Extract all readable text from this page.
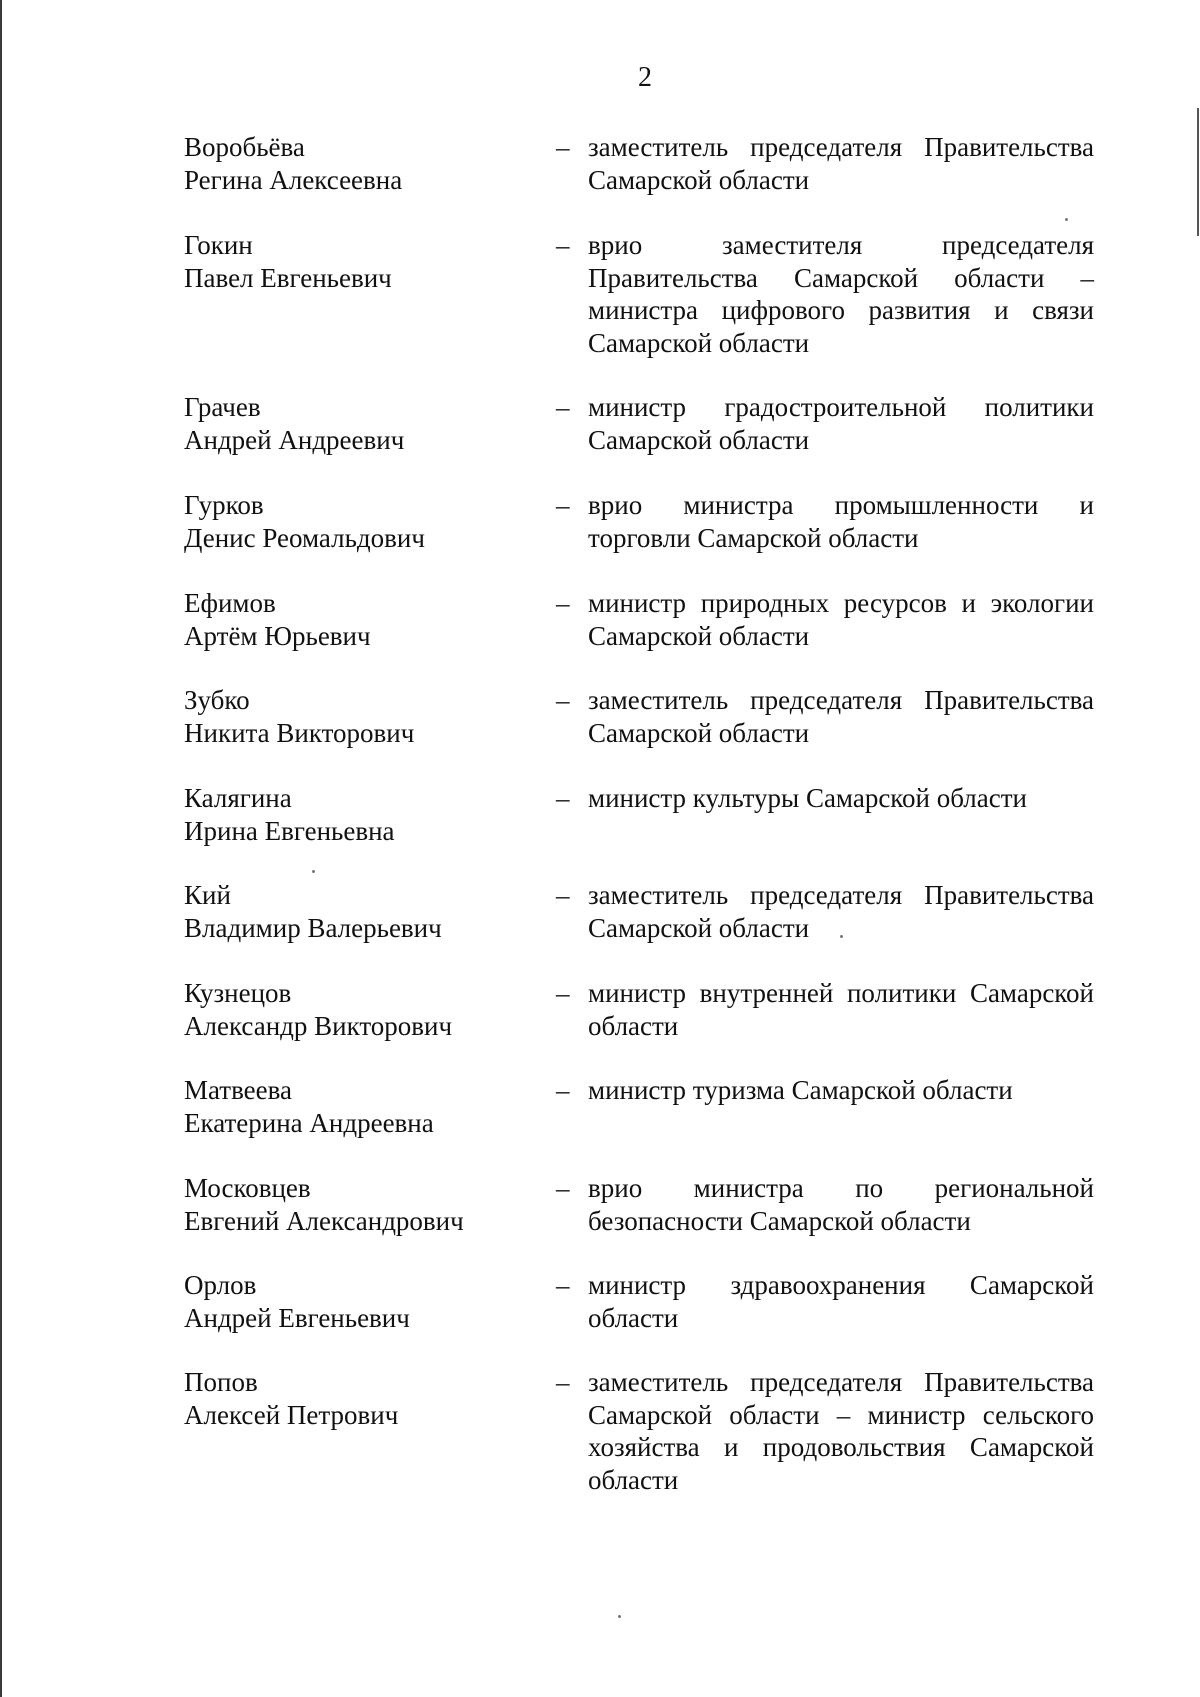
2
Воробьёва
Регина Алексеевна
– заместитель председателя Правительства Самарской области
Гокин
Павел Евгеньевич
– врио заместителя председателя Правительства Самарской области – министра цифрового развития и связи Самарской области
Грачев
Андрей Андреевич
– министр градостроительной политики Самарской области
Гурков
Денис Реомальдович
– врио министра промышленности и торговли Самарской области
Ефимов
Артём Юрьевич
– министр природных ресурсов и экологии Самарской области
Зубко
Никита Викторович
– заместитель председателя Правительства Самарской области
Калягина
Ирина Евгеньевна
– министр культуры Самарской области
Кий
Владимир Валерьевич
– заместитель председателя Правительства Самарской области
Кузнецов
Александр Викторович
– министр внутренней политики Самарской области
Матвеева
Екатерина Андреевна
– министр туризма Самарской области
Московцев
Евгений Александрович
– врио министра по региональной безопасности Самарской области
Орлов
Андрей Евгеньевич
– министр здравоохранения Самарской области
Попов
Алексей Петрович
– заместитель председателя Правительства Самарской области – министр сельского хозяйства и продовольствия Самарской области
